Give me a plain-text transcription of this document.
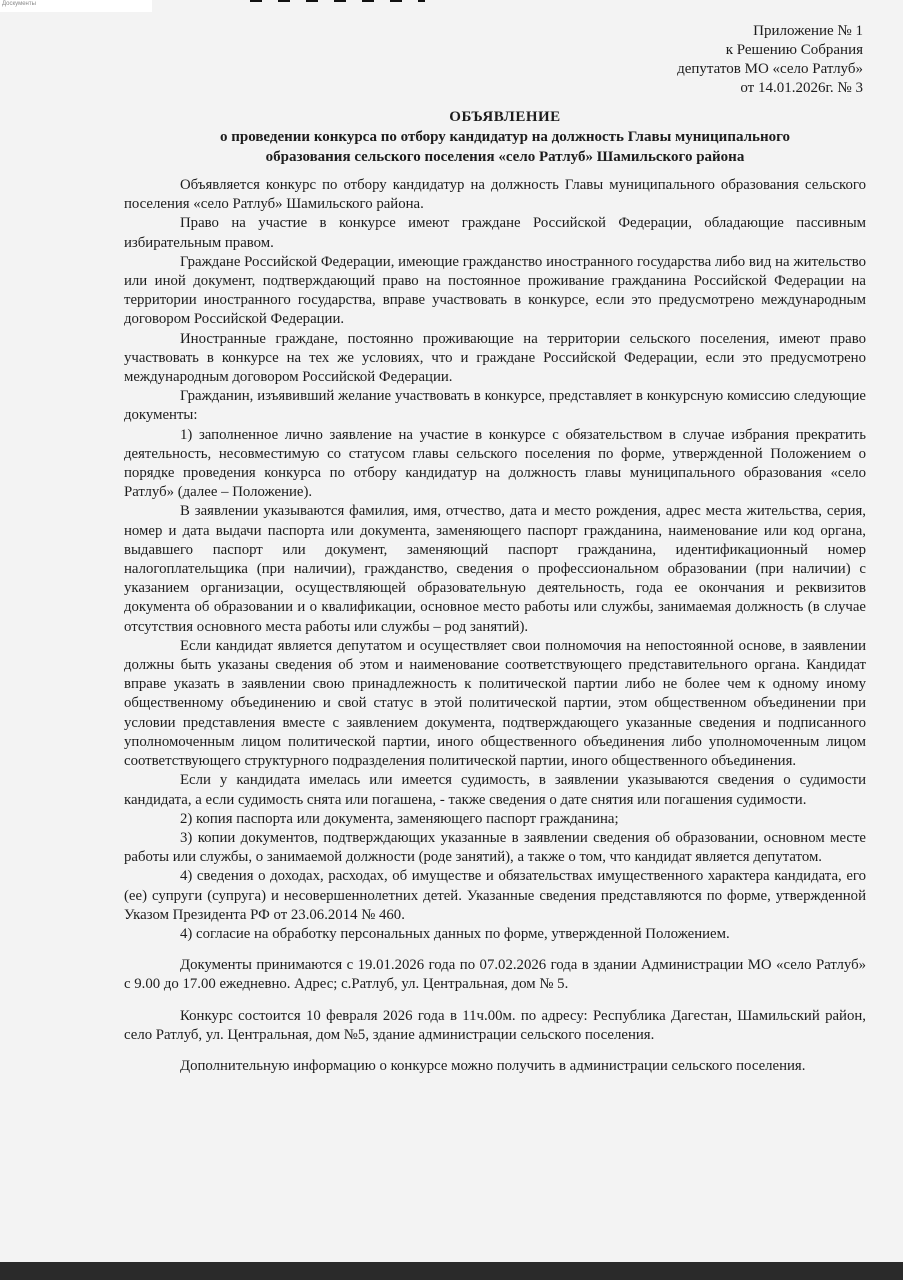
Доскументы
Приложение № 1
к Решению Собрания
депутатов МО «село Ратлуб»
от 14.01.2026г. № 3
ОБЪЯВЛЕНИЕ
о проведении конкурса по отбору кандидатур на должность Главы муниципального
образования сельского поселения «село Ратлуб» Шамильского района

Объявляется конкурс по отбору кандидатур на должность Главы муниципального образования сельского поселения «село Ратлуб» Шамильского района.

Право на участие в конкурсе имеют граждане Российской Федерации, обладающие пассивным избирательным правом.

Граждане Российской Федерации, имеющие гражданство иностранного государства либо вид на жительство или иной документ, подтверждающий право на постоянное проживание гражданина Российской Федерации на территории иностранного государства, вправе участвовать в конкурсе, если это предусмотрено международным договором Российской Федерации.

Иностранные граждане, постоянно проживающие на территории сельского поселения, имеют право участвовать в конкурсе на тех же условиях, что и граждане Российской Федерации, если это предусмотрено международным договором Российской Федерации.

Гражданин, изъявивший желание участвовать в конкурсе, представляет в конкурсную комиссию следующие документы:

1) заполненное лично заявление на участие в конкурсе с обязательством в случае избрания прекратить деятельность, несовместимую со статусом главы сельского поселения по форме, утвержденной Положением о порядке проведения конкурса по отбору кандидатур на должность главы муниципального образования «село Ратлуб» (далее – Положение).

В заявлении указываются фамилия, имя, отчество, дата и место рождения, адрес места жительства, серия, номер и дата выдачи паспорта или документа, заменяющего паспорт гражданина, наименование или код органа, выдавшего паспорт или документ, заменяющий паспорт гражданина, идентификационный номер налогоплательщика (при наличии), гражданство, сведения о профессиональном образовании (при наличии) с указанием организации, осуществляющей образовательную деятельность, года ее окончания и реквизитов документа об образовании и о квалификации, основное место работы или службы, занимаемая должность (в случае отсутствия основного места работы или службы – род занятий).

Если кандидат является депутатом и осуществляет свои полномочия на непостоянной основе, в заявлении должны быть указаны сведения об этом и наименование соответствующего представительного органа. Кандидат вправе указать в заявлении свою принадлежность к политической партии либо не более чем к одному иному общественному объединению и свой статус в этой политической партии, этом общественном объединении при условии представления вместе с заявлением документа, подтверждающего указанные сведения и подписанного уполномоченным лицом политической партии, иного общественного объединения либо уполномоченным лицом соответствующего структурного подразделения политической партии, иного общественного объединения.

Если у кандидата имелась или имеется судимость, в заявлении указываются сведения о судимости кандидата, а если судимость снята или погашена, - также сведения о дате снятия или погашения судимости.

2) копия паспорта или документа, заменяющего паспорт гражданина;

3) копии документов, подтверждающих указанные в заявлении сведения об образовании, основном месте работы или службы, о занимаемой должности (роде занятий), а также о том, что кандидат является депутатом.

4) сведения о доходах, расходах, об имуществе и обязательствах имущественного характера кандидата, его (ее) супруги (супруга) и несовершеннолетних детей. Указанные сведения представляются по форме, утвержденной Указом Президента РФ от 23.06.2014 № 460.

4) согласие на обработку персональных данных по форме, утвержденной Положением.

Документы принимаются с 19.01.2026 года по 07.02.2026 года в здании Администрации МО «село Ратлуб» с 9.00 до 17.00 ежедневно. Адрес; с.Ратлуб, ул. Центральная, дом № 5.

Конкурс состоится 10 февраля 2026 года в 11ч.00м. по адресу: Республика Дагестан, Шамильский район, село Ратлуб, ул. Центральная, дом №5, здание администрации сельского поселения.

Дополнительную информацию о конкурсе можно получить в администрации сельского поселения.
